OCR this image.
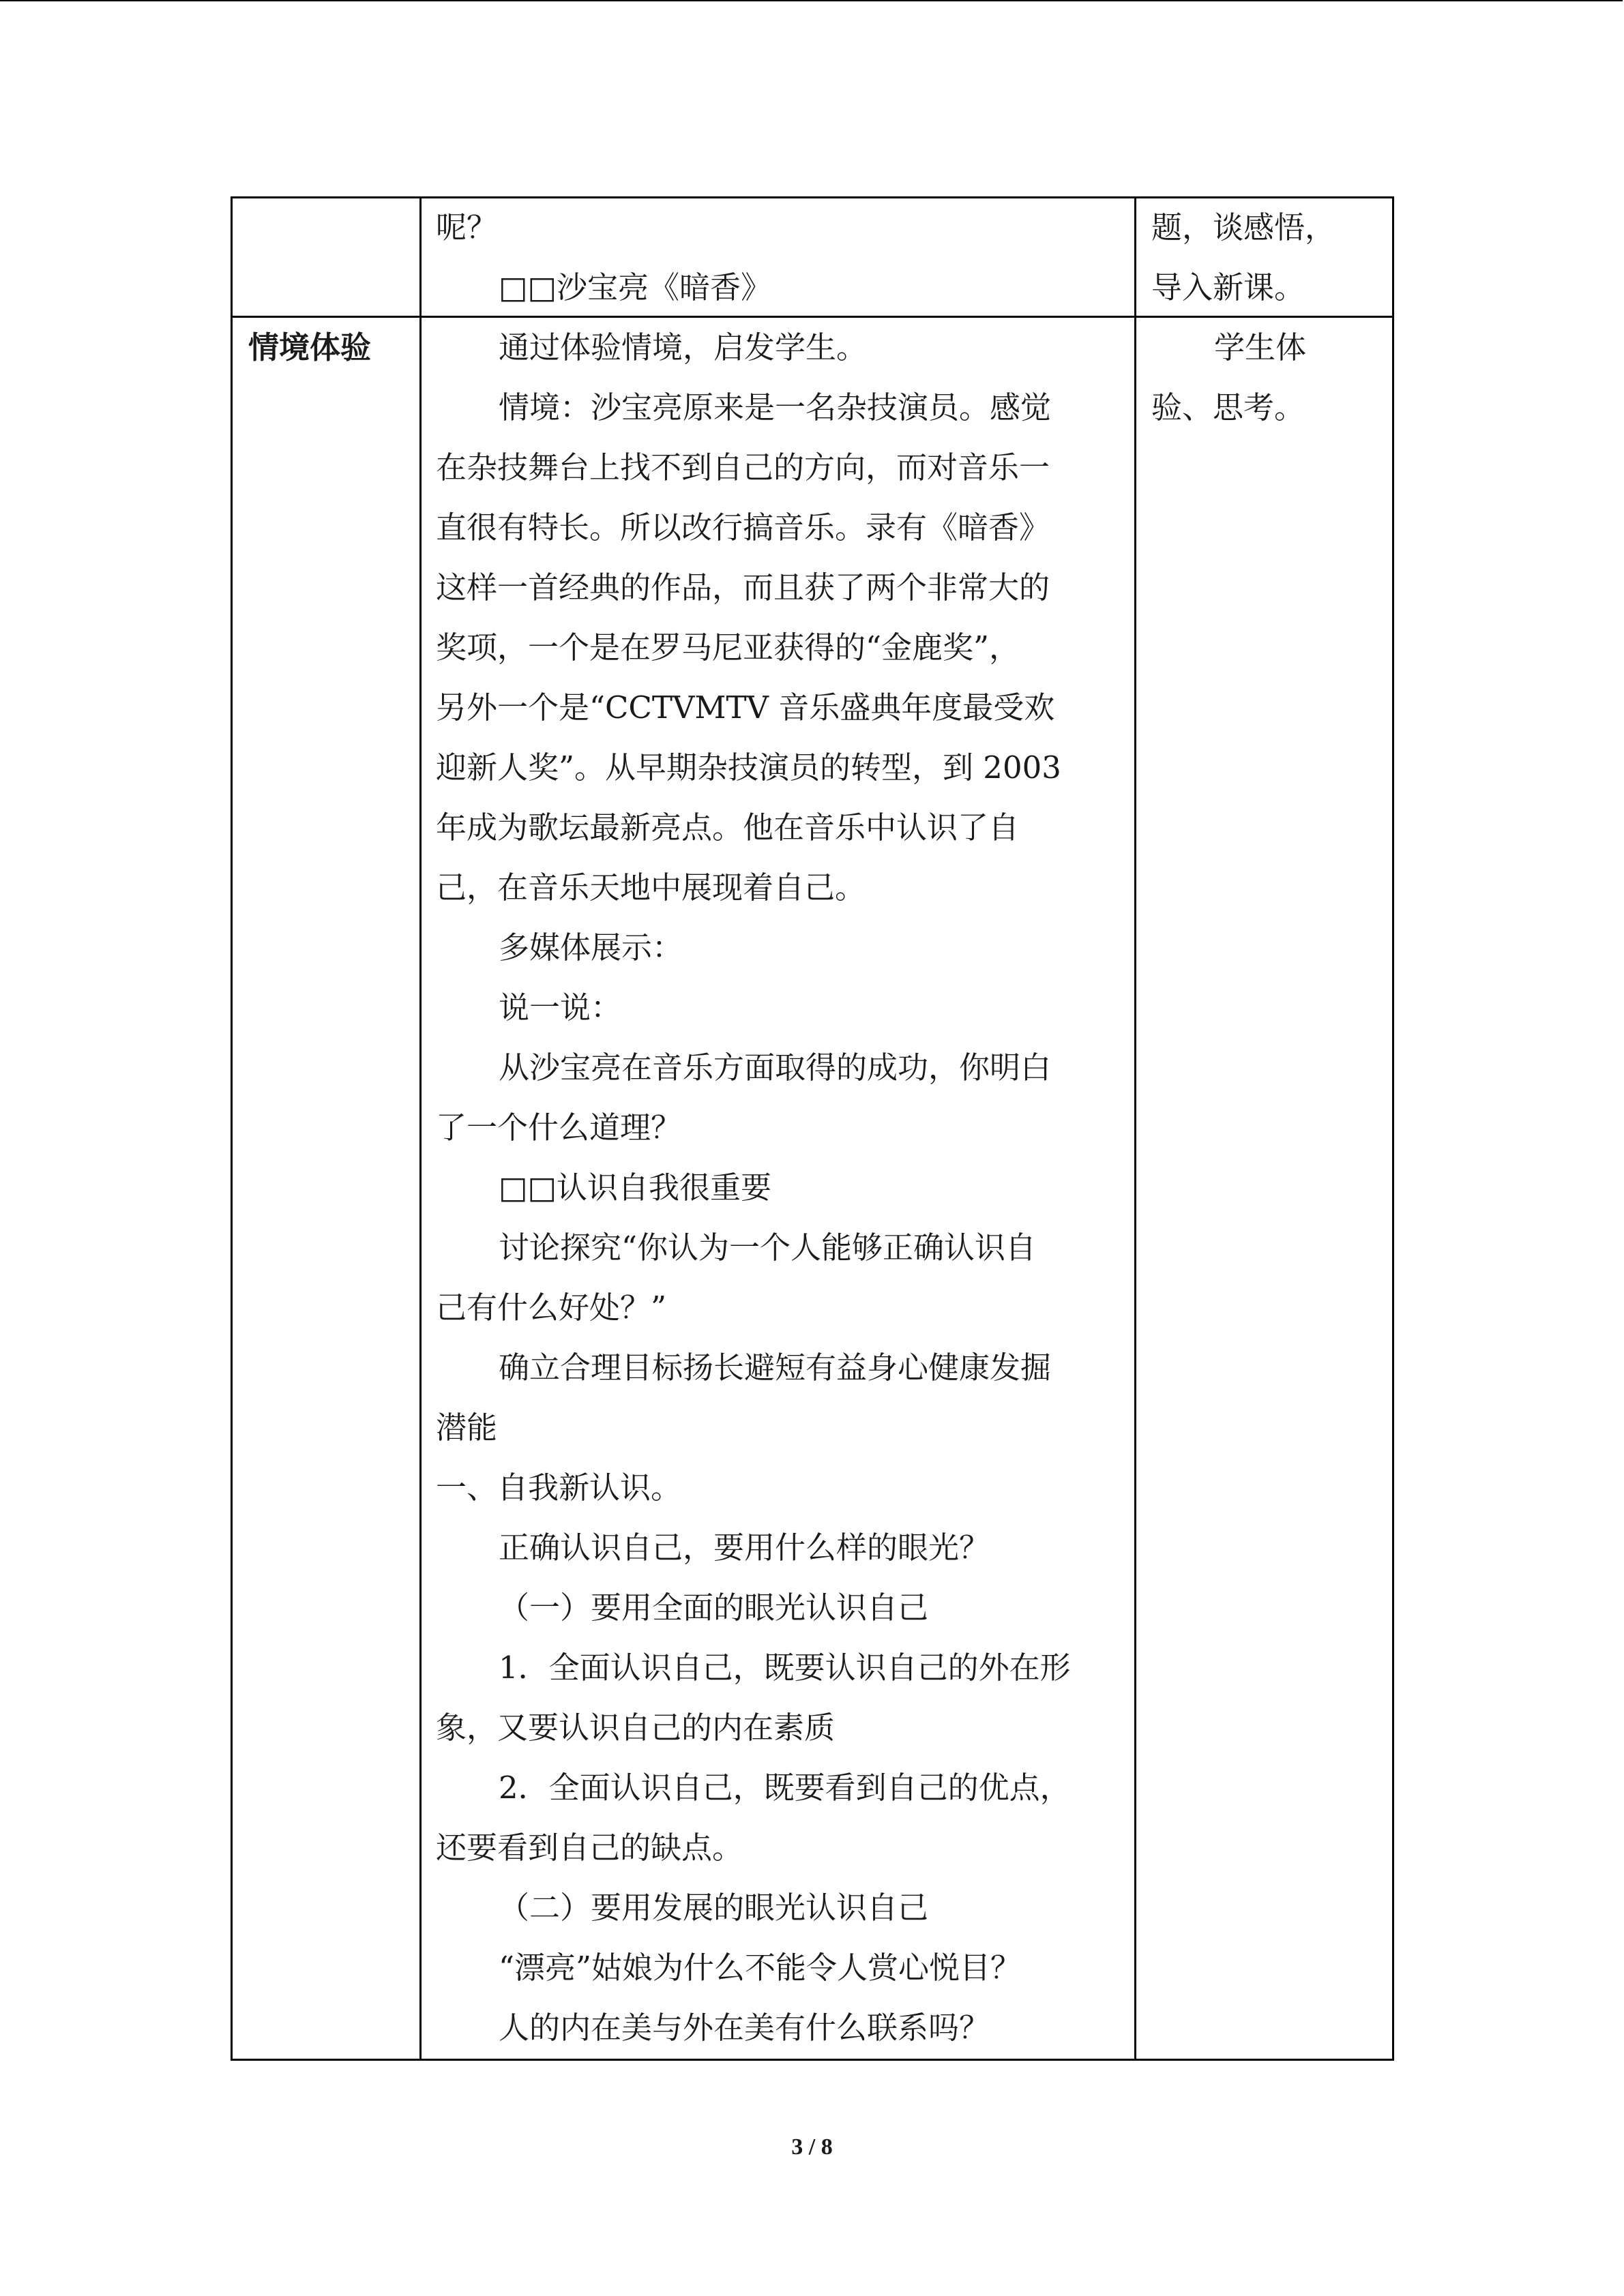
呢？
□□沙宝亮《暗香》
题，谈感悟，
导入新课。
情境体验	通过体验情境，启发学生。
情境：沙宝亮原来是一名杂技演员。感觉
在杂技舞台上找不到自己的方向，而对音乐一
直很有特长。所以改行搞音乐。录有《暗香》
这样一首经典的作品，而且获了两个非常大的
奖项，一个是在罗马尼亚获得的“金鹿奖”，
另外一个是“CCTVMTV 音乐盛典年度最受欢
迎新人奖”。从早期杂技演员的转型，到 2003
年成为歌坛最新亮点。他在音乐中认识了自
己，在音乐天地中展现着自己。
多媒体展示：
说一说：
从沙宝亮在音乐方面取得的成功，你明白
了一个什么道理？
□□认识自我很重要
讨论探究“你认为一个人能够正确认识自
己有什么好处？”
确立合理目标扬长避短有益身心健康发掘
潜能
一、自我新认识。
正确认识自己，要用什么样的眼光？
（一）要用全面的眼光认识自己
1．全面认识自己，既要认识自己的外在形
象，又要认识自己的内在素质
2．全面认识自己，既要看到自己的优点，
还要看到自己的缺点。
（二）要用发展的眼光认识自己
“漂亮”姑娘为什么不能令人赏心悦目？
人的内在美与外在美有什么联系吗？
学生体
验、思考。
3 / 8
